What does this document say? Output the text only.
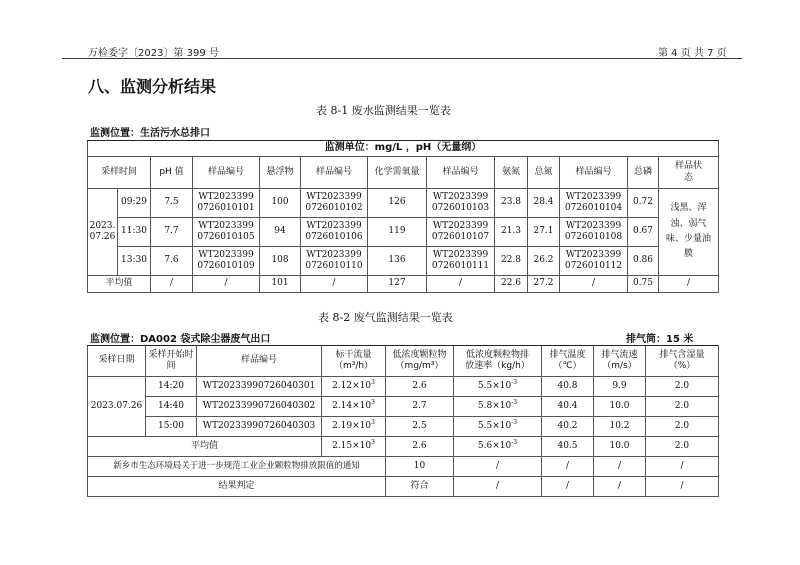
万检委字〔2023〕第 399 号	第 4 页 共 7 页
八、监测分析结果
表 8-1 废水监测结果一览表
监测位置：生活污水总排口
监测单位：mg/L ，pH（无量纲）												
采样时间		pH 值	样品编号	悬浮物	样品编号	化学需氧量	样品编号	氨氮	总氮	样品编号	总磷	样品状态
2023. 07.26	09:29	7.5	WT2023399 0726010101	100	WT2023399 0726010102	126	WT2023399 0726010103	23.8	28.4	WT2023399 0726010104	0.72	浅黑、浑浊、弱气味、少量油膜
	11:30	7.7	WT2023399 0726010105	94	WT2023399 0726010106	119	WT2023399 0726010107	21.3	27.1	WT2023399 0726010108	0.67	
	13:30	7.6	WT2023399 0726010109	108	WT2023399 0726010110	136	WT2023399 0726010111	22.8	26.2	WT2023399 0726010112	0.86	
平均值		/	/	101	/	127	/	22.6	27.2	/	0.75	/
表 8-2 废气监测结果一览表
监测位置：DA002 袋式除尘器废气出口	排气筒：15 米
采样日期	采样开始时间	样品编号	标干流量
（m³/h）	低浓度颗粒物
（mg/m³）	低浓度颗粒物排放速率（kg/h）	排气温度
（℃）	排气流速
（m/s）	排气含湿量
（%）
2023.07.26	14:20	WT20233990726040301	$2.12\times 10^3$	2.6	$5.5\times 10^{-3}$	40.8	9.9	2.0
	14:40	WT20233990726040302	$2.14\times 10^3$	2.7	$5.8\times 10^{-3}$	40.4	10.0	2.0
	15:00	WT20233990726040303	$2.19\times 10^3$	2.5	$5.5\times 10^{-3}$	40.2	10.2	2.0
平均值			$2.15\times 10^3$	2.6	$5.6\times 10^{-3}$	40.5	10.0	2.0
新乡市生态环境局关于进一步规范工业企业颗粒物排放限值的通知				10	/	/	/	/
结果判定				符合	/	/	/	/
